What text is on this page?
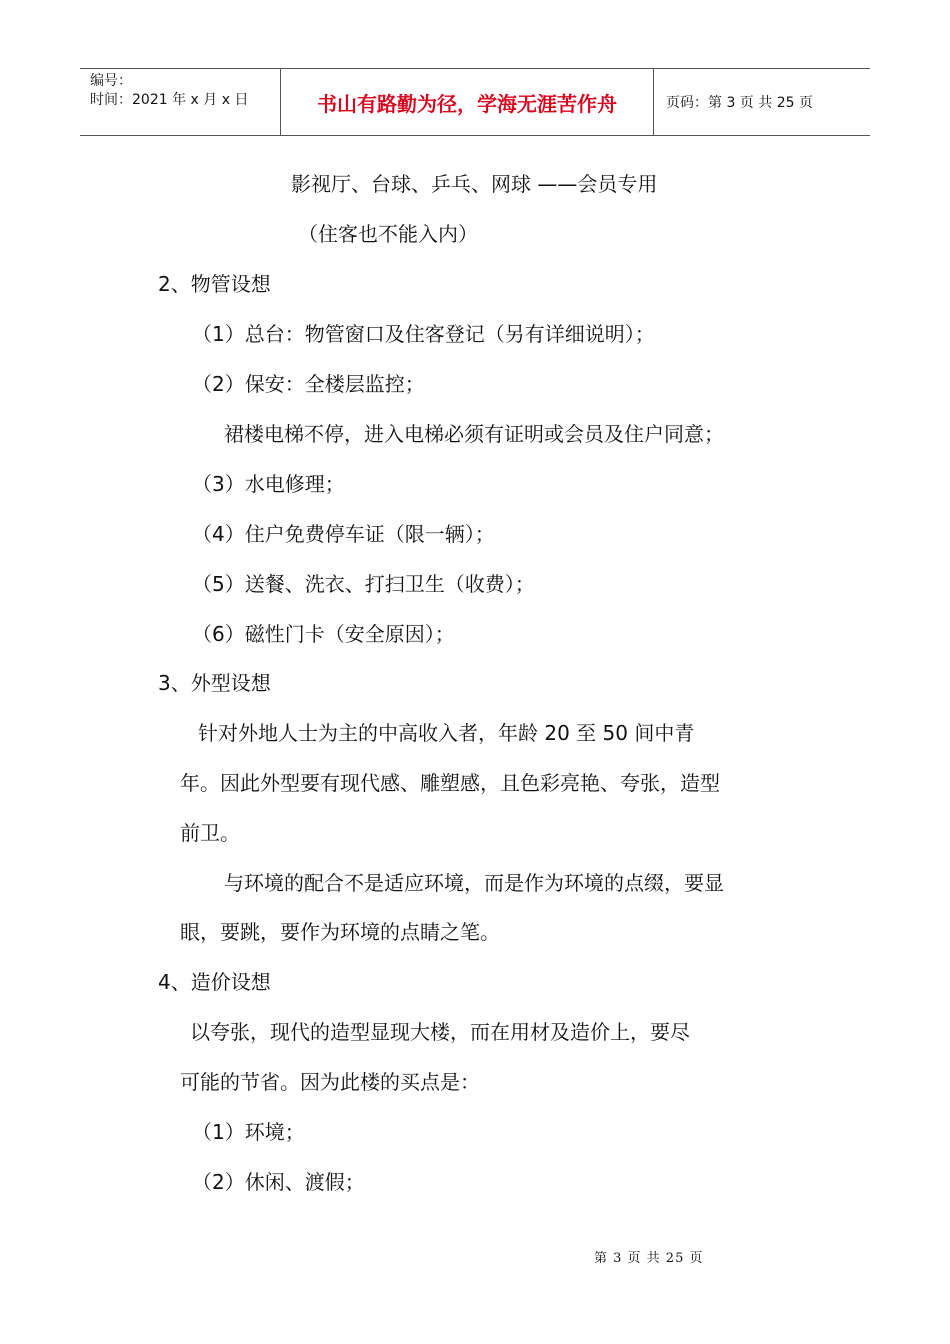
编号：
时间：2021 年 x 月 x 日	书山有路勤为径，学海无涯苦作舟	页码：第 3 页 共 25 页
影视厅、台球、乒乓、网球 ——会员专用
（住客也不能入内）
2、物管设想
（1）总台：物管窗口及住客登记（另有详细说明）；
（2）保安：全楼层监控；
裙楼电梯不停，进入电梯必须有证明或会员及住户同意；
（3）水电修理；
（4）住户免费停车证（限一辆）；
（5）送餐、洗衣、打扫卫生（收费）；
（6）磁性门卡（安全原因）；
3、外型设想
针对外地人士为主的中高收入者，年龄 20 至 50 间中青
年。因此外型要有现代感、雕塑感，且色彩亮艳、夸张，造型
前卫。
与环境的配合不是适应环境，而是作为环境的点缀，要显
眼，要跳，要作为环境的点睛之笔。
4、造价设想
以夸张，现代的造型显现大楼，而在用材及造价上，要尽
可能的节省。因为此楼的买点是：
（1）环境；
（2）休闲、渡假；
第 3 页 共 25 页
